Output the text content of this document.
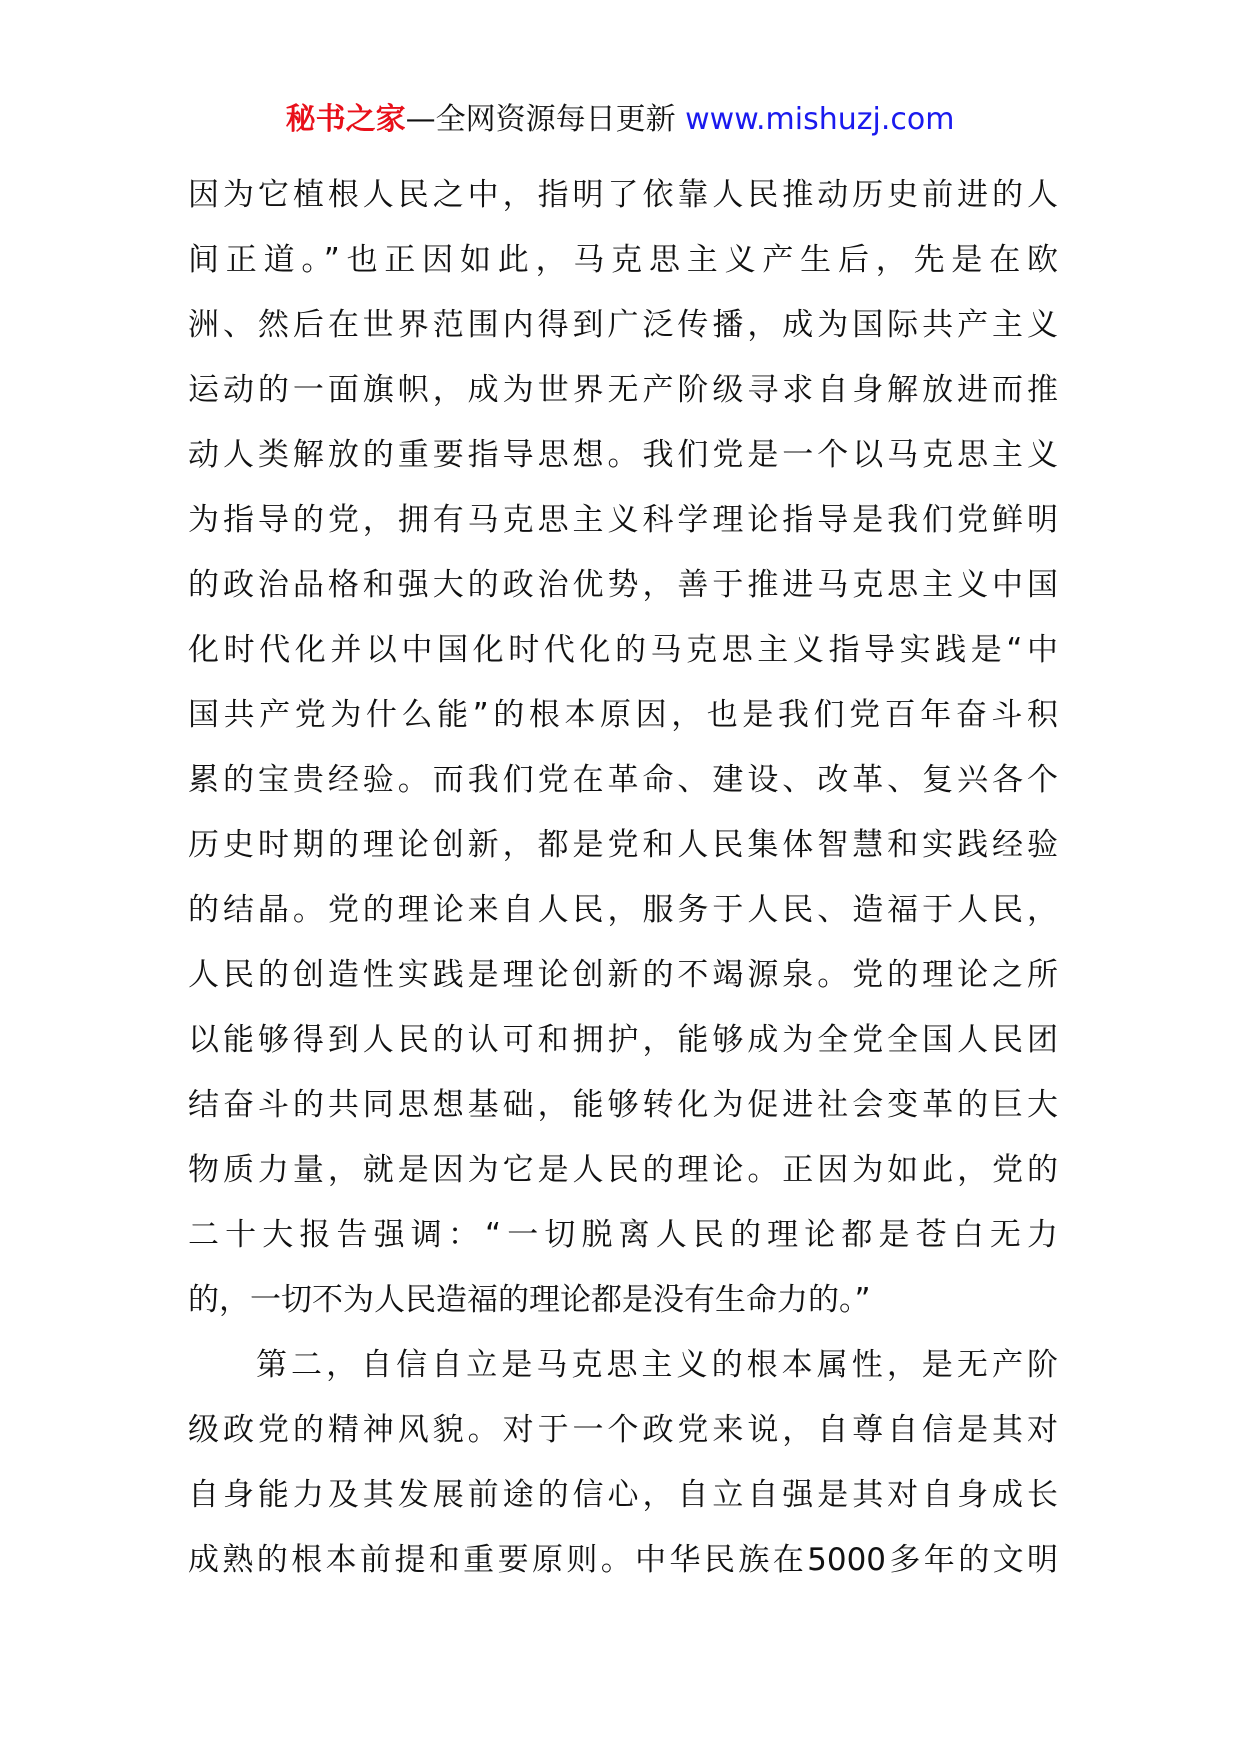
秘书之家—全网资源每日更新 www.mishuzj.com
因为它植根人民之中，指明了依靠人民推动历史前进的人
间正道。”也正因如此，马克思主义产生后，先是在欧
洲、然后在世界范围内得到广泛传播，成为国际共产主义
运动的一面旗帜，成为世界无产阶级寻求自身解放进而推
动人类解放的重要指导思想。我们党是一个以马克思主义
为指导的党，拥有马克思主义科学理论指导是我们党鲜明
的政治品格和强大的政治优势，善于推进马克思主义中国
化时代化并以中国化时代化的马克思主义指导实践是“中
国共产党为什么能”的根本原因，也是我们党百年奋斗积
累的宝贵经验。而我们党在革命、建设、改革、复兴各个
历史时期的理论创新，都是党和人民集体智慧和实践经验
的结晶。党的理论来自人民，服务于人民、造福于人民，
人民的创造性实践是理论创新的不竭源泉。党的理论之所
以能够得到人民的认可和拥护，能够成为全党全国人民团
结奋斗的共同思想基础，能够转化为促进社会变革的巨大
物质力量，就是因为它是人民的理论。正因为如此，党的
二十大报告强调：“一切脱离人民的理论都是苍白无力
的，一切不为人民造福的理论都是没有生命力的。”
第二，自信自立是马克思主义的根本属性，是无产阶
级政党的精神风貌。对于一个政党来说，自尊自信是其对
自身能力及其发展前途的信心，自立自强是其对自身成长
成熟的根本前提和重要原则。中华民族在5000多年的文明
